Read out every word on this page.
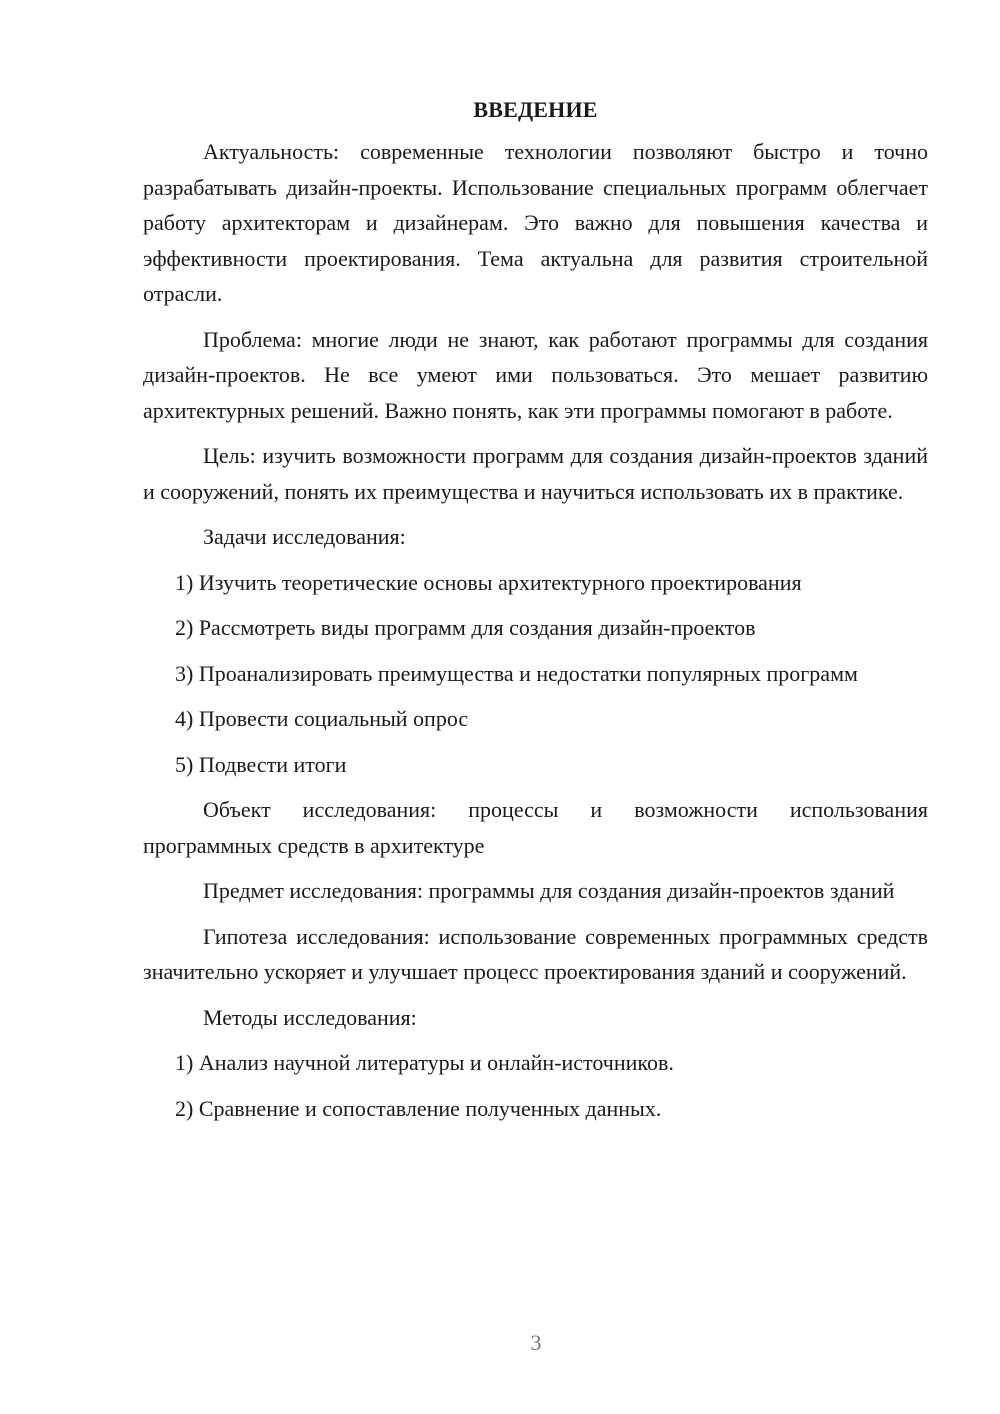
ВВЕДЕНИЕ

Актуальность: современные технологии позволяют быстро и точно разрабатывать дизайн-проекты. Использование специальных программ облегчает работу архитекторам и дизайнерам. Это важно для повышения качества и эффективности проектирования. Тема актуальна для развития строительной отрасли.

Проблема: многие люди не знают, как работают программы для создания дизайн-проектов. Не все умеют ими пользоваться. Это мешает развитию архитектурных решений. Важно понять, как эти программы помогают в работе.

Цель: изучить возможности программ для создания дизайн-проектов зданий и сооружений, понять их преимущества и научиться использовать их в практике.

Задачи исследования:

1) Изучить теоретические основы архитектурного проектирования

2) Рассмотреть виды программ для создания дизайн-проектов

3) Проанализировать преимущества и недостатки популярных программ

4) Провести социальный опрос

5) Подвести итоги

Объект исследования: процессы и возможности использования программных средств в архитектуре

Предмет исследования: программы для создания дизайн-проектов зданий

Гипотеза исследования: использование современных программных средств значительно ускоряет и улучшает процесс проектирования зданий и сооружений.

Методы исследования:

1) Анализ научной литературы и онлайн-источников.

2) Сравнение и сопоставление полученных данных.

3
